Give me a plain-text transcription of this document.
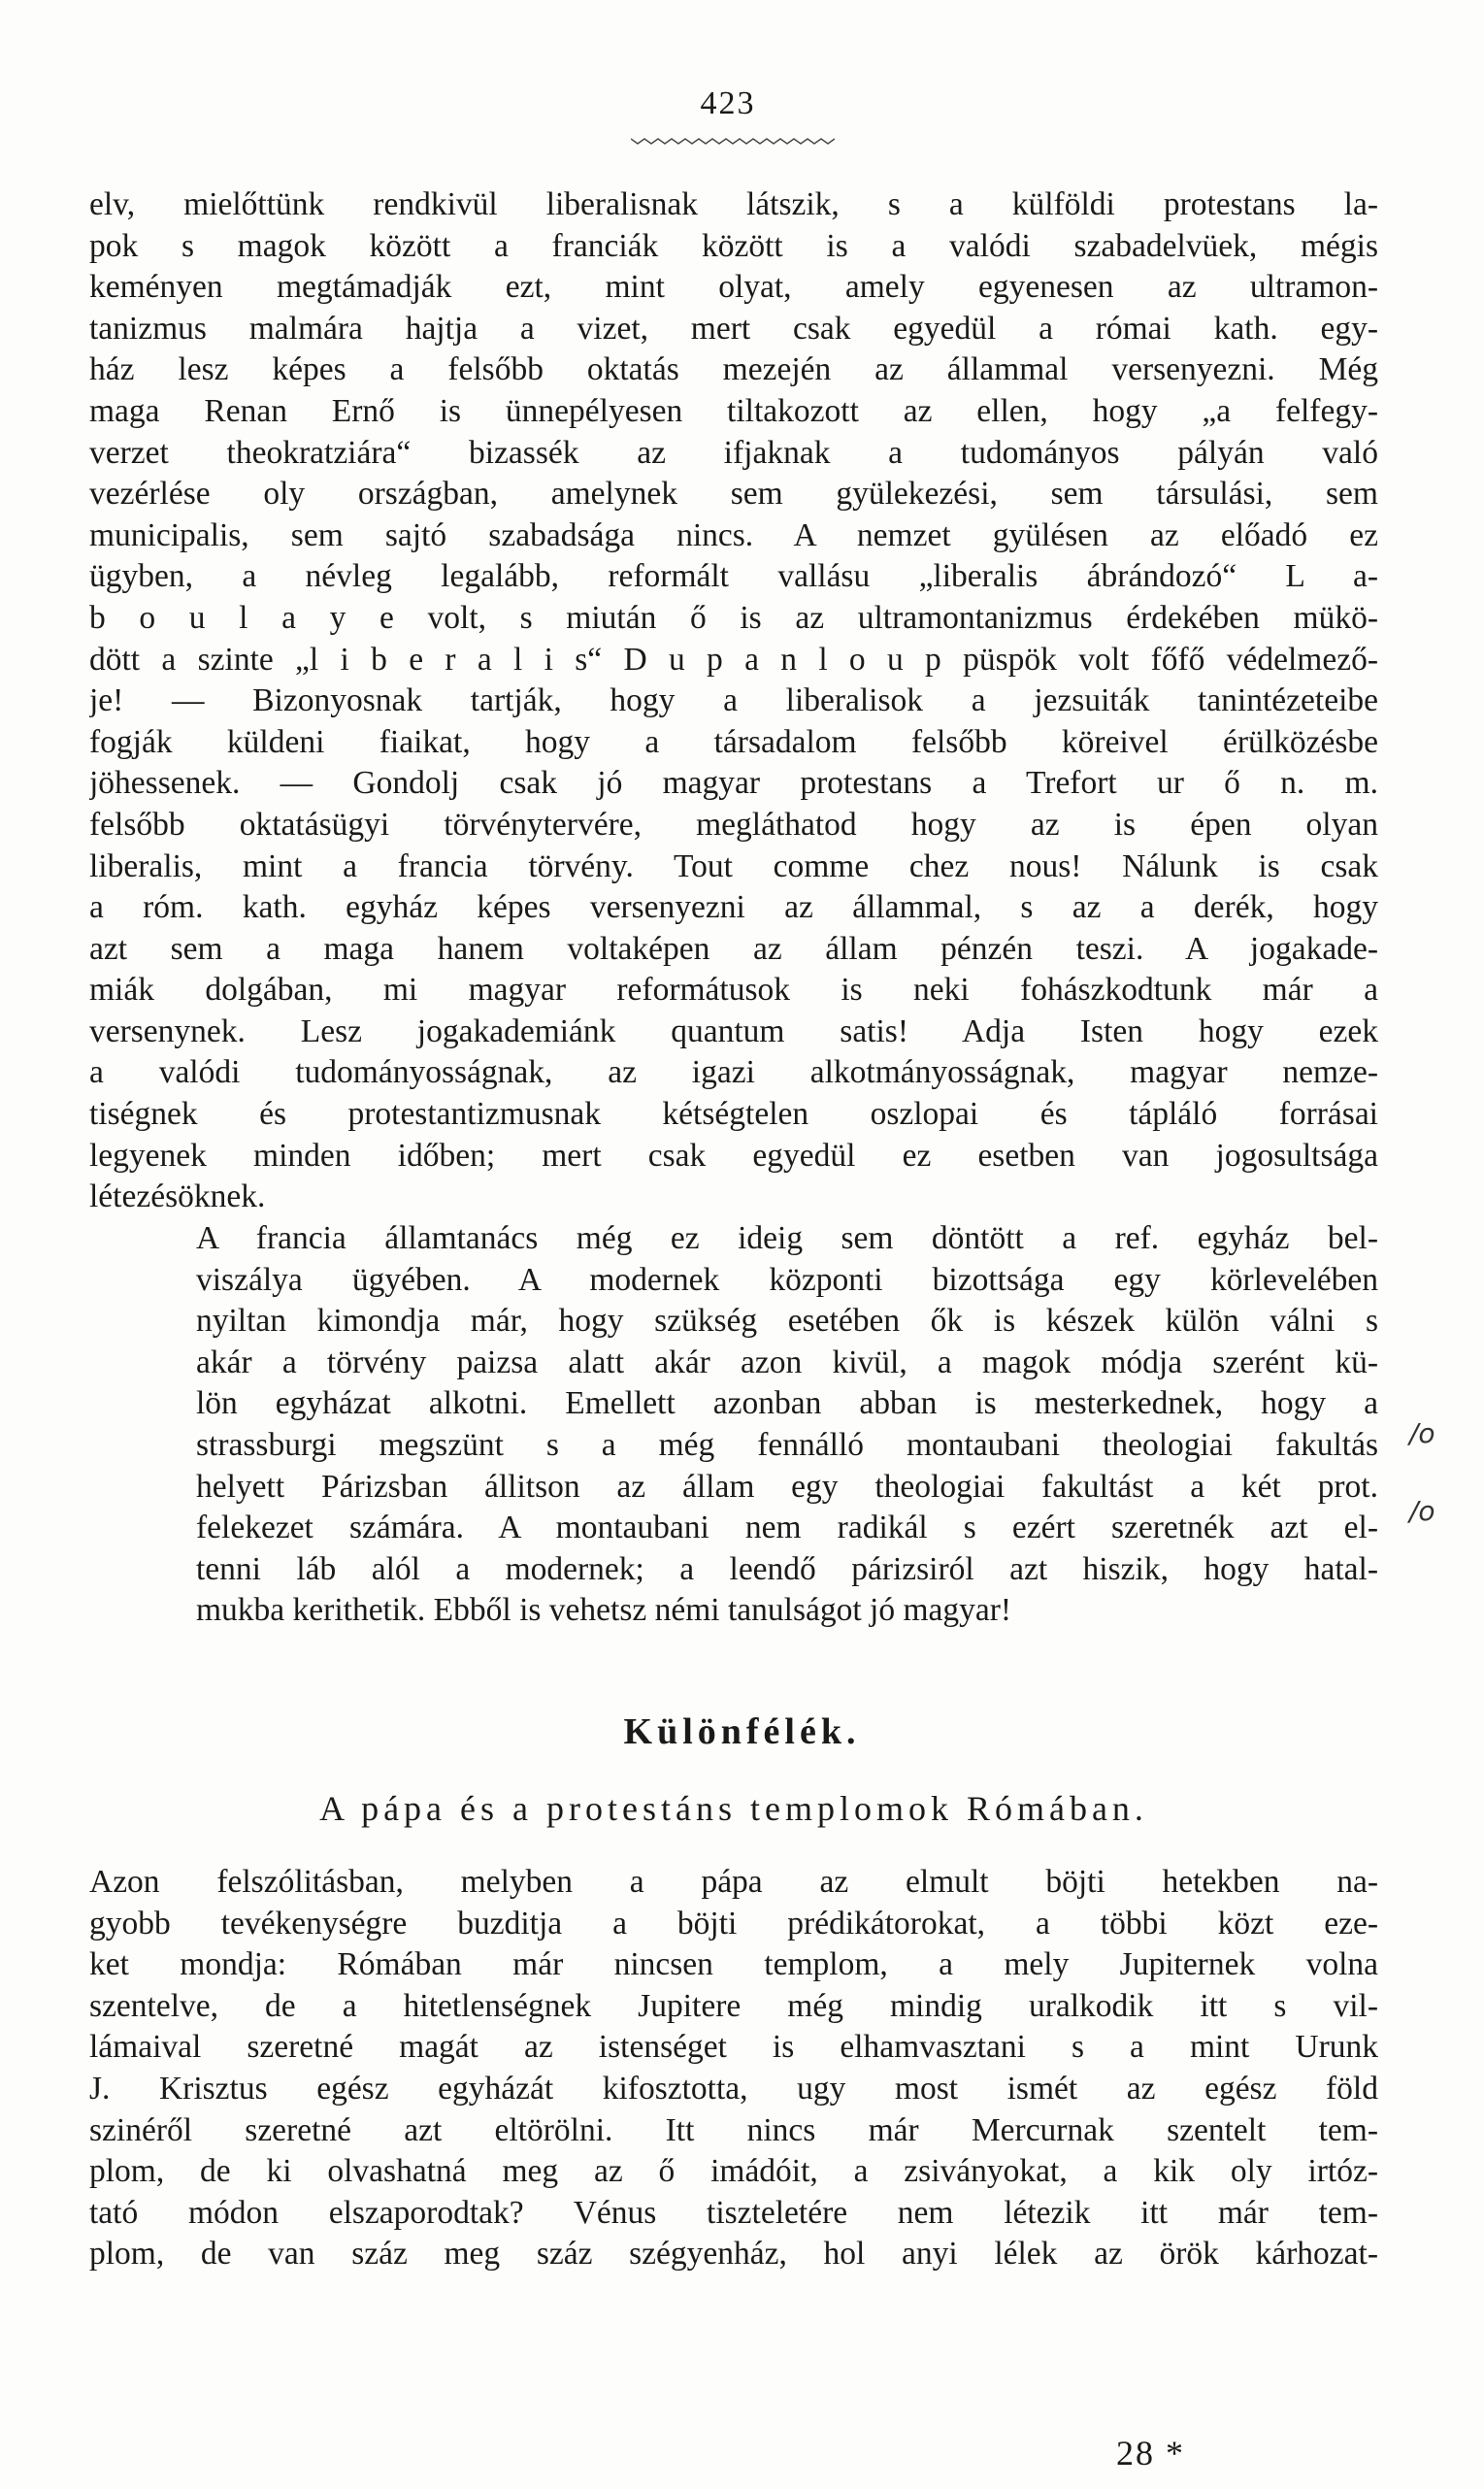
423
elv, mielőttünk rendkivül liberalisnak látszik, s a külföldi protestans la-
pok s magok között a franciák között is a valódi szabadelvüek, mégis
keményen megtámadják ezt, mint olyat, amely egyenesen az ultramon-
tanizmus malmára hajtja a vizet, mert csak egyedül a római kath. egy-
ház lesz képes a felsőbb oktatás mezején az állammal versenyezni. Még
maga Renan Ernő is ünnepélyesen tiltakozott az ellen, hogy „a felfegy-
verzet theokratziára“ bizassék az ifjaknak a tudományos pályán való
vezérlése oly országban, amelynek sem gyülekezési, sem társulási, sem
municipalis, sem sajtó szabadsága nincs. A nemzet gyülésen az előadó ez
ügyben, a névleg legalább, reformált vallásu „liberalis ábrándozó“ L a-
b o u l a y e volt, s miután ő is az ultramontanizmus érdekében mükö-
dött a szinte „l i b e r a l i s“ D u p a n l o u p püspök volt főfő védelmező-
je! — Bizonyosnak tartják, hogy a liberalisok a jezsuiták tanintézeteibe
fogják küldeni fiaikat, hogy a társadalom felsőbb köreivel érülközésbe
jöhessenek. — Gondolj csak jó magyar protestans a Trefort ur ő n. m.
felsőbb oktatásügyi törvénytervére, megláthatod hogy az is épen olyan
liberalis, mint a francia törvény. Tout comme chez nous! Nálunk is csak
a róm. kath. egyház képes versenyezni az állammal, s az a derék, hogy
azt sem a maga hanem voltaképen az állam pénzén teszi. A jogakade-
miák dolgában, mi magyar reformátusok is neki fohászkodtunk már a
versenynek. Lesz jogakademiánk quantum satis! Adja Isten hogy ezek
a valódi tudományosságnak, az igazi alkotmányosságnak, magyar nemze-
tiségnek és protestantizmusnak kétségtelen oszlopai és tápláló forrásai
legyenek minden időben; mert csak egyedül ez esetben van jogosultsága
létezésöknek.
A francia államtanács még ez ideig sem döntött a ref. egyház bel-
viszálya ügyében. A modernek központi bizottsága egy körlevelében
nyiltan kimondja már, hogy szükség esetében ők is készek külön válni s
akár a törvény paizsa alatt akár azon kivül, a magok módja szerént kü-
lön egyházat alkotni. Emellett azonban abban is mesterkednek, hogy a
strassburgi megszünt s a még fennálló montaubani theologiai fakultás
helyett Párizsban állitson az állam egy theologiai fakultást a két prot.
felekezet számára. A montaubani nem radikál s ezért szeretnék azt el-
tenni láb alól a modernek; a leendő párizsiról azt hiszik, hogy hatal-
mukba kerithetik. Ebből is vehetsz némi tanulságot jó magyar!
/o
/o
Különfélék.
A pápa és a protestáns templomok Rómában.
Azon felszólitásban, melyben a pápa az elmult böjti hetekben na-
gyobb tevékenységre buzditja a böjti prédikátorokat, a többi közt eze-
ket mondja: Rómában már nincsen templom, a mely Jupiternek volna
szentelve, de a hitetlenségnek Jupitere még mindig uralkodik itt s vil-
lámaival szeretné magát az istenséget is elhamvasztani s a mint Urunk
J. Krisztus egész egyházát kifosztotta, ugy most ismét az egész föld
szinéről szeretné azt eltörölni. Itt nincs már Mercurnak szentelt tem-
plom, de ki olvashatná meg az ő imádóit, a zsiványokat, a kik oly irtóz-
tató módon elszaporodtak? Vénus tiszteletére nem létezik itt már tem-
plom, de van száz meg száz szégyenház, hol anyi lélek az örök kárhozat-
28 *
